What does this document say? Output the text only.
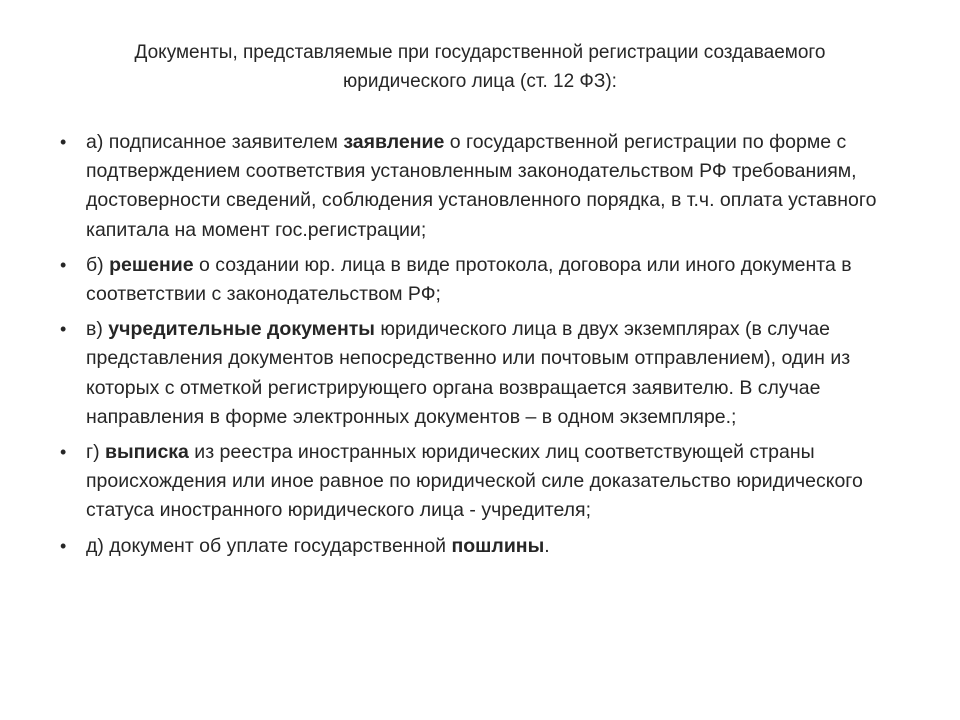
Документы, представляемые при государственной регистрации создаваемого
юридического лица (ст. 12 ФЗ):
• а) подписанное заявителем заявление о государственной регистрации по форме с подтверждением соответствия установленным законодательством РФ требованиям, достоверности сведений, соблюдения установленного порядка, в т.ч. оплата уставного капитала на момент гос.регистрации;
• б) решение о создании юр. лица в виде протокола, договора или иного документа в соответствии с законодательством РФ;
• в) учредительные документы юридического лица в двух экземплярах (в случае представления документов непосредственно или почтовым отправлением), один из которых с отметкой регистрирующего органа возвращается заявителю. В случае направления в форме электронных документов – в одном экземпляре.;
• г) выписка из реестра иностранных юридических лиц соответствующей страны происхождения или иное равное по юридической силе доказательство юридического статуса иностранного юридического лица - учредителя;
• д) документ об уплате государственной пошлины.
